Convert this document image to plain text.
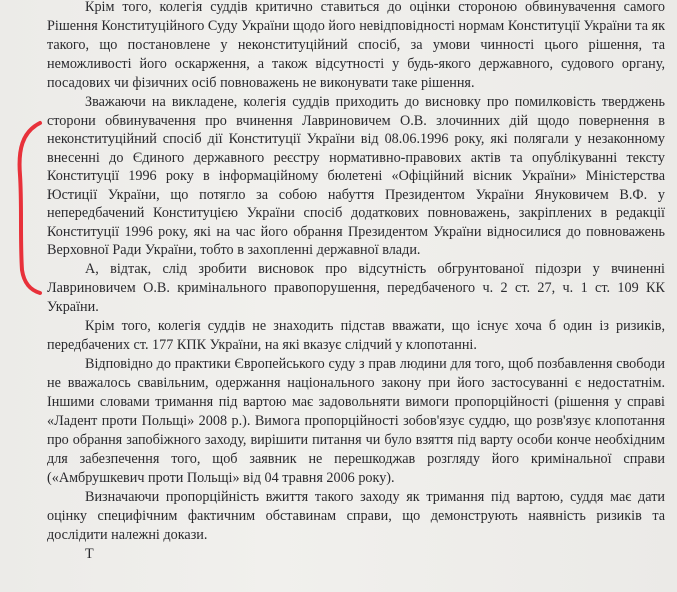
Крім того, колегія суддів критично ставиться до оцінки стороною обвинувачення самого Рішення Конституційного Суду України щодо його невідповідності нормам Конституції України та як такого, що постановлене у неконституційний спосіб, за умови чинності цього рішення, та неможливості його оскарження, а також відсутності у будь-якого державного, судового органу, посадових чи фізичних осіб повноважень не виконувати таке рішення.

Зважаючи на викладене, колегія суддів приходить до висновку про помилковість тверджень сторони обвинувачення про вчинення Лавриновичем О.В. злочинних дій щодо повернення в неконституційний спосіб дії Конституції України від 08.06.1996 року, які полягали у незаконному внесенні до Єдиного державного реєстру нормативно-правових актів та опублікуванні тексту Конституції 1996 року в інформаційному бюлетені «Офіційний вісник України» Міністерства Юстиції України, що потягло за собою набуття Президентом України Януковичем В.Ф. у непередбачений Конституцією України спосіб додаткових повноважень, закріплених в редакції Конституції 1996 року, які на час його обрання Президентом України відносилися до повноважень Верховної Ради України, тобто в захопленні державної влади.

А, відтак, слід зробити висновок про відсутність обгрунтованої підозри у вчиненні Лавриновичем О.В. кримінального правопорушення, передбаченого ч. 2 ст. 27, ч. 1 ст. 109 КК України.

Крім того, колегія суддів не знаходить підстав вважати, що існує хоча б один із ризиків, передбачених ст. 177 КПК України, на які вказує слідчий у клопотанні.

Відповідно до практики Європейського суду з прав людини для того, щоб позбавлення свободи не вважалось свавільним, одержання національного закону при його застосуванні є недостатнім. Іншими словами тримання під вартою має задовольняти вимоги пропорційності (рішення у справі «Ладент проти Польщі» 2008 р.). Вимога пропорційності зобов'язує суддю, що розв'язує клопотання про обрання запобіжного заходу, вирішити питання чи було взяття під варту особи конче необхідним для забезпечення того, щоб заявник не перешкоджав розгляду його кримінальної справи («Амбрушкевич проти Польщі» від 04 травня 2006 року).

Визначаючи пропорційність вжиття такого заходу як тримання під вартою, суддя має дати оцінку специфічним фактичним обставинам справи, що демонструють наявність ризиків та дослідити належні докази.

Т
